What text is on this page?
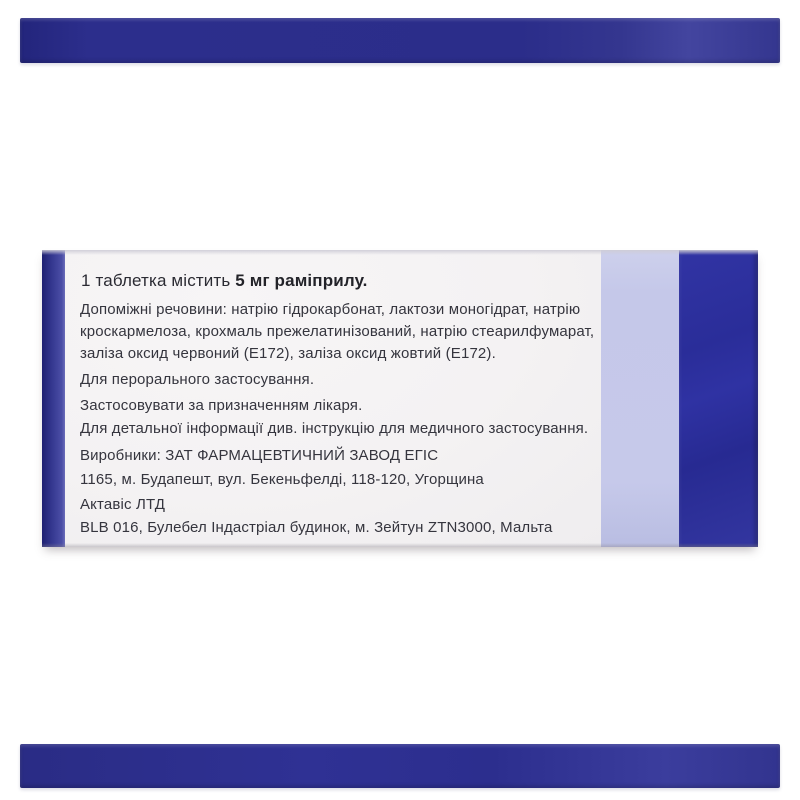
1 таблетка містить 5 мг раміприлу.
Допоміжні речовини: натрію гідрокарбонат, лактози моногідрат, натрію
кроскармелоза, крохмаль прежелатинізований, натрію стеарилфумарат,
заліза оксид червоний (Е172), заліза оксид жовтий (Е172).
Для перорального застосування.
Застосовувати за призначенням лікаря.
Для детальної інформації див. інструкцію для медичного застосування.
Виробники: ЗАТ ФАРМАЦЕВТИЧНИЙ ЗАВОД ЕГІС
1165, м. Будапешт, вул. Бекеньфелді, 118-120, Угорщина
Актавіс ЛТД
BLB 016, Булебел Індастріал будинок, м. Зейтун ZTN3000, Мальта
